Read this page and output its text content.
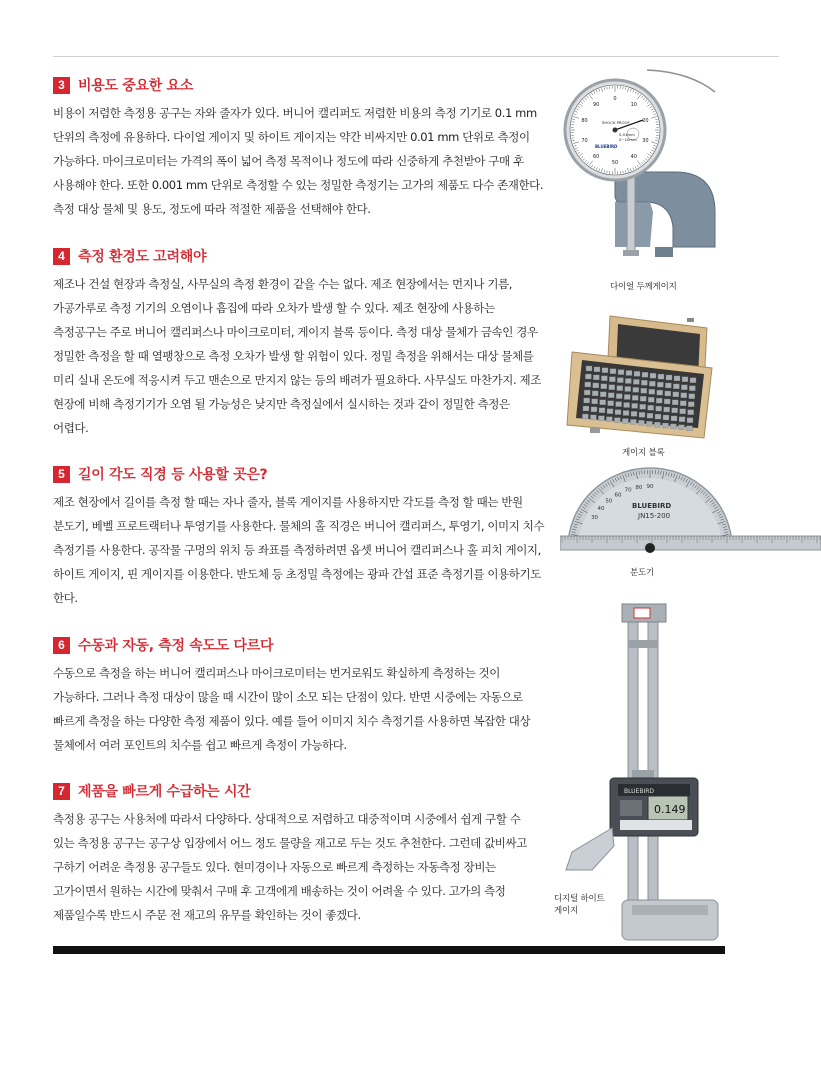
3 비용도 중요한 요소

비용이 저렴한 측정용 공구는 자와 줄자가 있다. 버니어 캘리퍼도 저렴한 비용의 측정 기기로 0.1 mm 단위의 측정에 유용하다. 다이얼 게이지 및 하이트 게이지는 약간 비싸지만 0.01 mm 단위로 측정이 가능하다. 마이크로미터는 가격의 폭이 넓어 측정 목적이나 정도에 따라 신중하게 추천받아 구매 후 사용해야 한다. 또한 0.001 mm 단위로 측정할 수 있는 정밀한 측정기는 고가의 제품도 다수 존재한다. 측정 대상 물체 및 용도, 정도에 따라 적절한 제품을 선택해야 한다.

4 측정 환경도 고려해야

제조나 건설 현장과 측정실, 사무실의 측정 환경이 같을 수는 없다. 제조 현장에서는 먼지나 기름, 가공가루로 측정 기기의 오염이나 흠집에 따라 오차가 발생 할 수 있다. 제조 현장에 사용하는 측정공구는 주로 버니어 캘리퍼스나 마이크로미터, 게이지 블록 등이다. 측정 대상 물체가 금속인 경우 정밀한 측정을 할 때 열팽창으로 측정 오차가 발생 할 위험이 있다. 정밀 측정을 위해서는 대상 물체를 미리 실내 온도에 적응시켜 두고 맨손으로 만지지 않는 등의 배려가 필요하다. 사무실도 마찬가지. 제조 현장에 비해 측정기기가 오염 될 가능성은 낮지만 측정실에서 실시하는 것과 같이 정밀한 측정은 어렵다.

5 길이 각도 직경 등 사용할 곳은?

제조 현장에서 길이를 측정 할 때는 자나 줄자, 블록 게이지를 사용하지만 각도를 측정 할 때는 반원 분도기, 베벨 프로트랙터나 투영기를 사용한다. 물체의 홀 직경은 버니어 캘리퍼스, 투영기, 이미지 치수 측정기를 사용한다. 공작물 구멍의 위치 등 좌표를 측정하려면 옵셋 버니어 캘리퍼스나 홀 피치 게이지, 하이트 게이지, 핀 게이지를 이용한다. 반도체 등 초정밀 측정에는 광파 간섭 표준 측정기를 이용하기도 한다.

6 수동과 자동, 측정 속도도 다르다

수동으로 측정을 하는 버니어 캘리퍼스나 마이크로미터는 번거로워도 확실하게 측정하는 것이 가능하다. 그러나 측정 대상이 많을 때 시간이 많이 소모 되는 단점이 있다. 반면 시중에는 자동으로 빠르게 측정을 하는 다양한 측정 제품이 있다. 예를 들어 이미지 치수 측정기를 사용하면 복잡한 대상 물체에서 여러 포인트의 치수를 쉽고 빠르게 측정이 가능하다.

7 제품을 빠르게 수급하는 시간

측정용 공구는 사용처에 따라서 다양하다. 상대적으로 저렴하고 대중적이며 시중에서 쉽게 구할 수 있는 측정용 공구는 공구상 입장에서 어느 정도 물량을 재고로 두는 것도 추천한다. 그런데 값비싸고 구하기 어려운 측정용 공구들도 있다. 현미경이나 자동으로 빠르게 측정하는 자동측정 장비는 고가이면서 원하는 시간에 맞춰서 구매 후 고객에게 배송하는 것이 어려울 수 있다. 고가의 측정 제품일수록 반드시 주문 전 재고의 유무를 확인하는 것이 좋겠다.

0
10
20
30
40
50
60
70
80
90
SHOCK PROOF
0.01mm
0~10mm
BLUEBIRD
다이얼 두께게이지
게이지 블록
30
40
50
60
70 80 90
BLUEBIRD
JN15-200
분도기
BLUEBIRD
0.149
디지털 하이트
게이지
